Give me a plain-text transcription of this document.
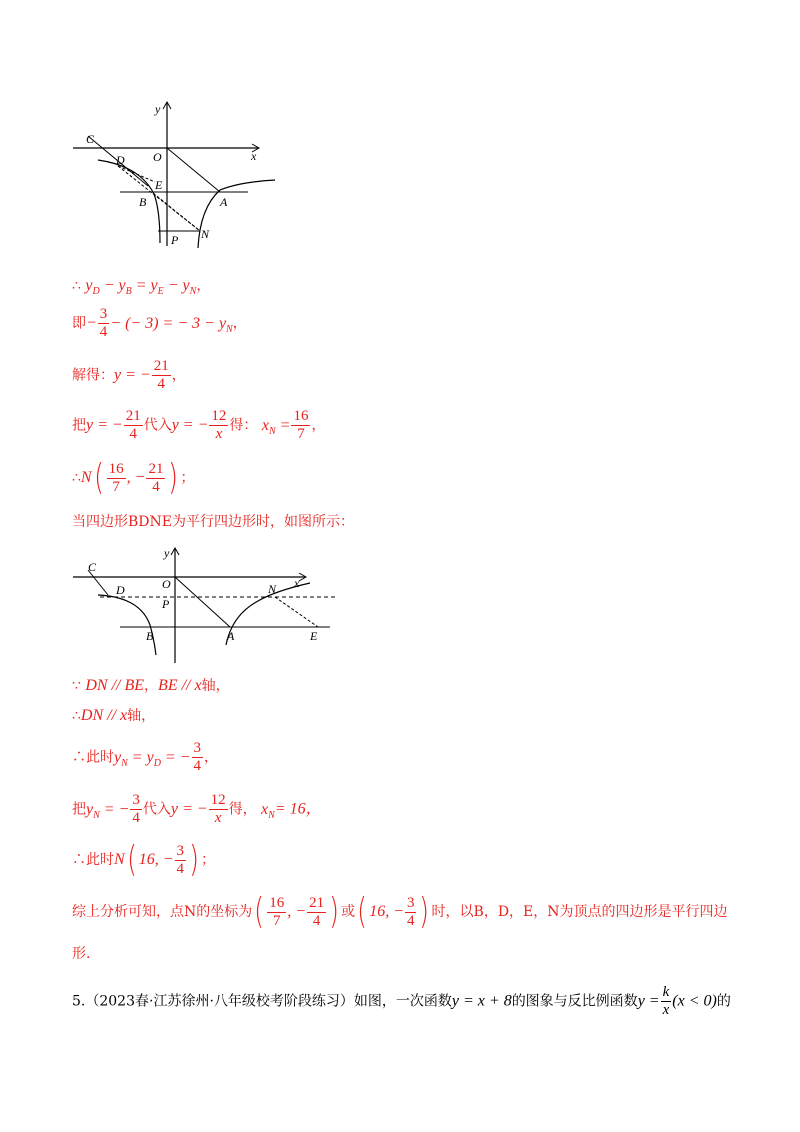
C
D
E
B	A
O	x
y
P N
∴ $y_D - y_B = y_E - y_N$，
即− $\frac{3}{4}$ − (− 3) = − $3 - y_N$，
解得：y = − $\frac{21}{4}$ ，
把y = − $\frac{21}{4}$ 代入y = − $\frac{12}{x}$ 得： $x_N = \frac{16}{7}$ ，
∴N( $\frac{16}{7}$ , − $\frac{21}{4}$ ) ；
当四边形BDNE为平行四边形时，如图所示：
C
D	O
P
B	A
N
E
x
y
∵ DN // BE，BE // x轴，
∴DN // x轴，
∴此时$y_N = y_D$ = − $\frac{3}{4}$ ，
把$y_N$ = − $\frac{3}{4}$ 代入y = − $\frac{12}{x}$ 得， $x_N= 16$，
∴此时N( 16, − $\frac{3}{4}$ ) ；
综上分析可知，点N的坐标为( $\frac{16}{7}$ , − $\frac{21}{4}$ ) 或( 16, − $\frac{3}{4}$ ) 时，以B，D，E，N为顶点的四边形是平行四边
形.
5.（2023春·江苏徐州·八年级校考阶段练习）如图，一次函数y = x + 8的图象与反比例函数$y = \frac{k}{x} (x < 0)$的
